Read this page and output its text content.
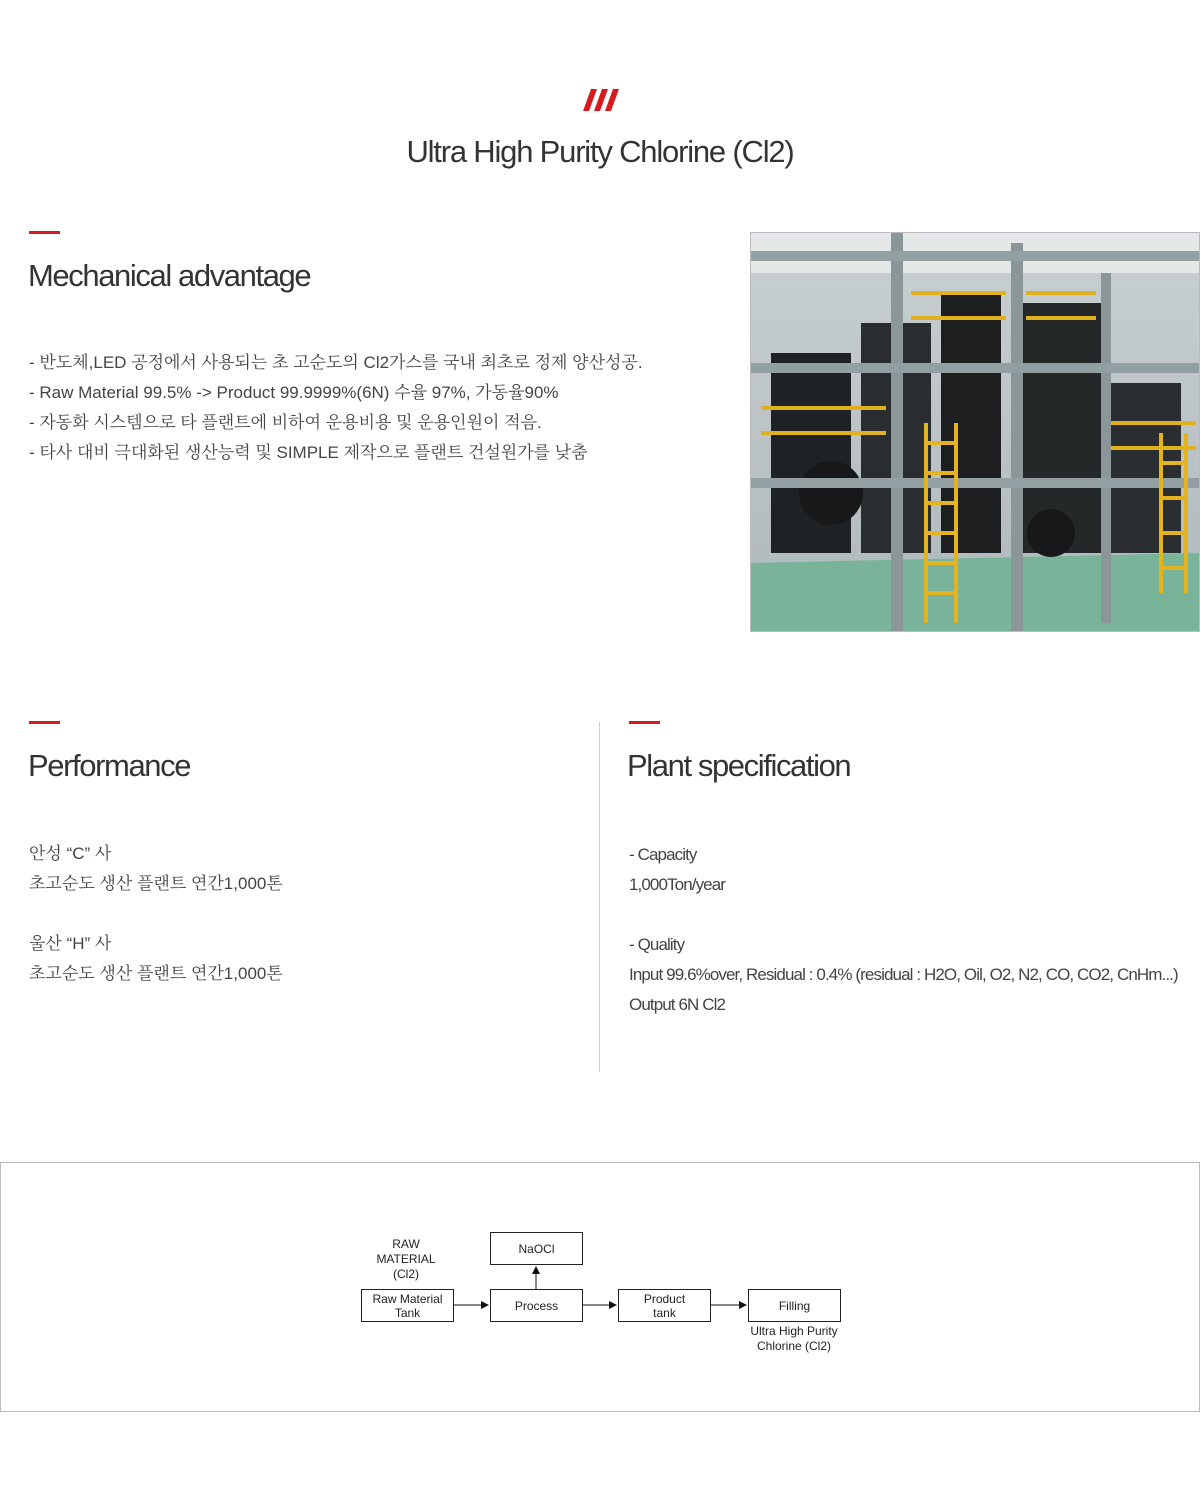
Ultra High Purity Chlorine (Cl2)
Mechanical advantage
- 반도체,LED 공정에서 사용되는 초 고순도의 Cl2가스를 국내 최초로 정제 양산성공.
- Raw Material 99.5% -> Product 99.9999%(6N) 수율 97%, 가동율90%
- 자동화 시스템으로 타 플랜트에 비하여 운용비용 및 운용인원이 적음.
- 타사 대비 극대화된 생산능력 및 SIMPLE 제작으로 플랜트 건설원가를 낮춤
Performance
안성 “C” 사
초고순도 생산 플랜트 연간1,000톤
울산 “H” 사
초고순도 생산 플랜트 연간1,000톤
Plant specification
- Capacity
1,000Ton/year
- Quality
Input 99.6%over, Residual : 0.4% (residual : H2O, Oil, O2, N2, CO, CO2, CnHm...)
Output 6N Cl2
RAW
MATERIAL
(Cl2)
Raw Material
Tank
NaOCl
Process	Product
tank	Filling
Ultra High Purity
Chlorine (Cl2)
